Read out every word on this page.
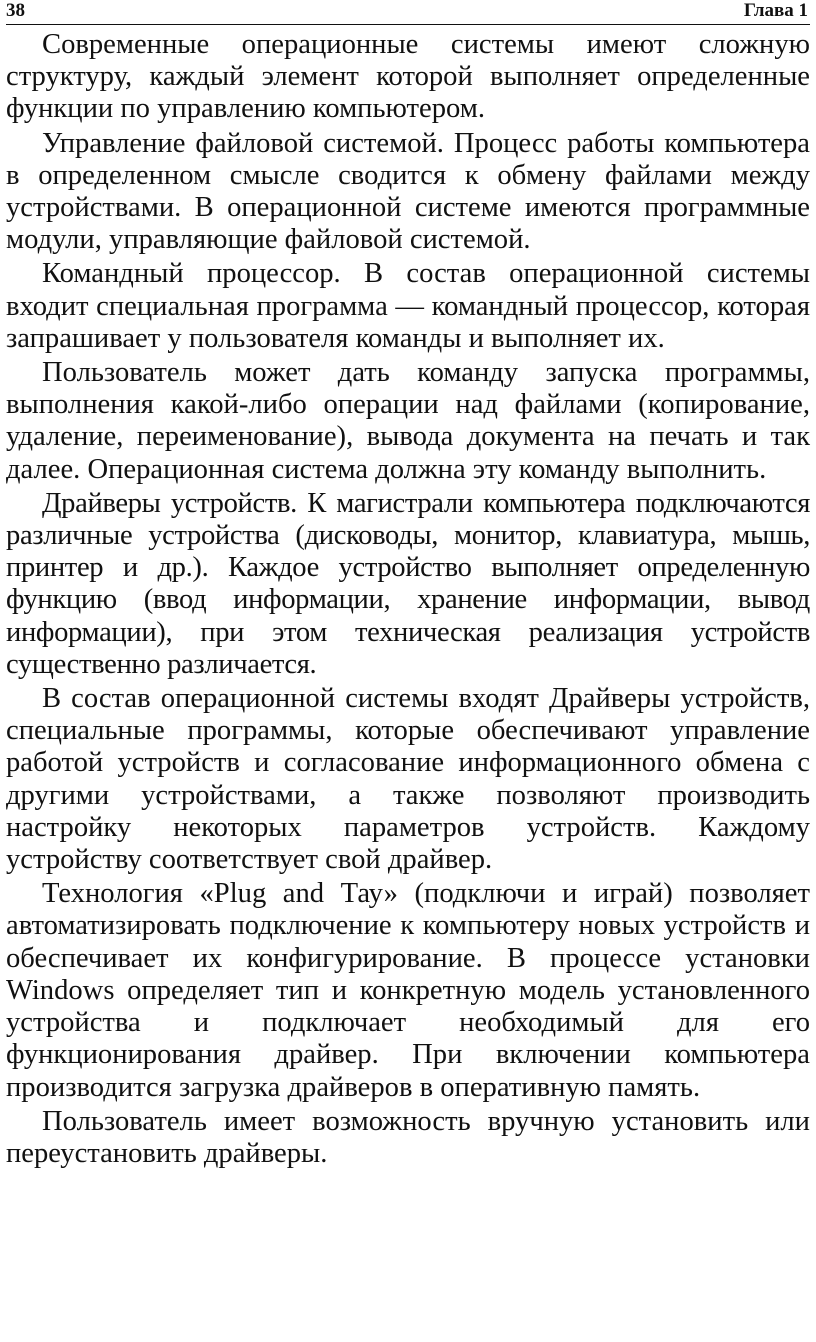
38	Глава 1

Современные операционные системы имеют сложную структуру, каждый элемент которой выполняет определенные функции по управлению компьютером.

Управление файловой системой. Процесс работы компьютера в определенном смысле сводится к обмену файлами между устройствами. В операционной системе имеются программные модули, управляющие файловой системой.

Командный процессор. В состав операционной системы входит специальная программа — командный процессор, которая запрашивает у пользователя команды и выполняет их.

Пользователь может дать команду запуска программы, выполнения какой-либо операции над файлами (копирование, удаление, переименование), вывода документа на печать и так далее. Операционная система должна эту команду выполнить.

Драйверы устройств. К магистрали компьютера подключаются различные устройства (дисководы, монитор, клавиатура, мышь, принтер и др.). Каждое устройство выполняет определенную функцию (ввод информации, хранение информации, вывод информации), при этом техническая реализация устройств существенно различается.

В состав операционной системы входят Драйверы устройств, специальные программы, которые обеспечивают управление работой устройств и согласование информационного обмена с другими устройствами, а также позволяют производить настройку некоторых параметров устройств. Каждому устройству соответствует свой драйвер.

Технология «Plug and Тау» (подключи и играй) позволяет автоматизировать подключение к компьютеру новых устройств и обеспечивает их конфигурирование. В процессе установки Windows определяет тип и конкретную модель установленного устройства и подключает необходимый для его функционирования драйвер. При включении компьютера производится загрузка драйверов в оперативную память.

Пользователь имеет возможность вручную установить или переустановить драйверы.
